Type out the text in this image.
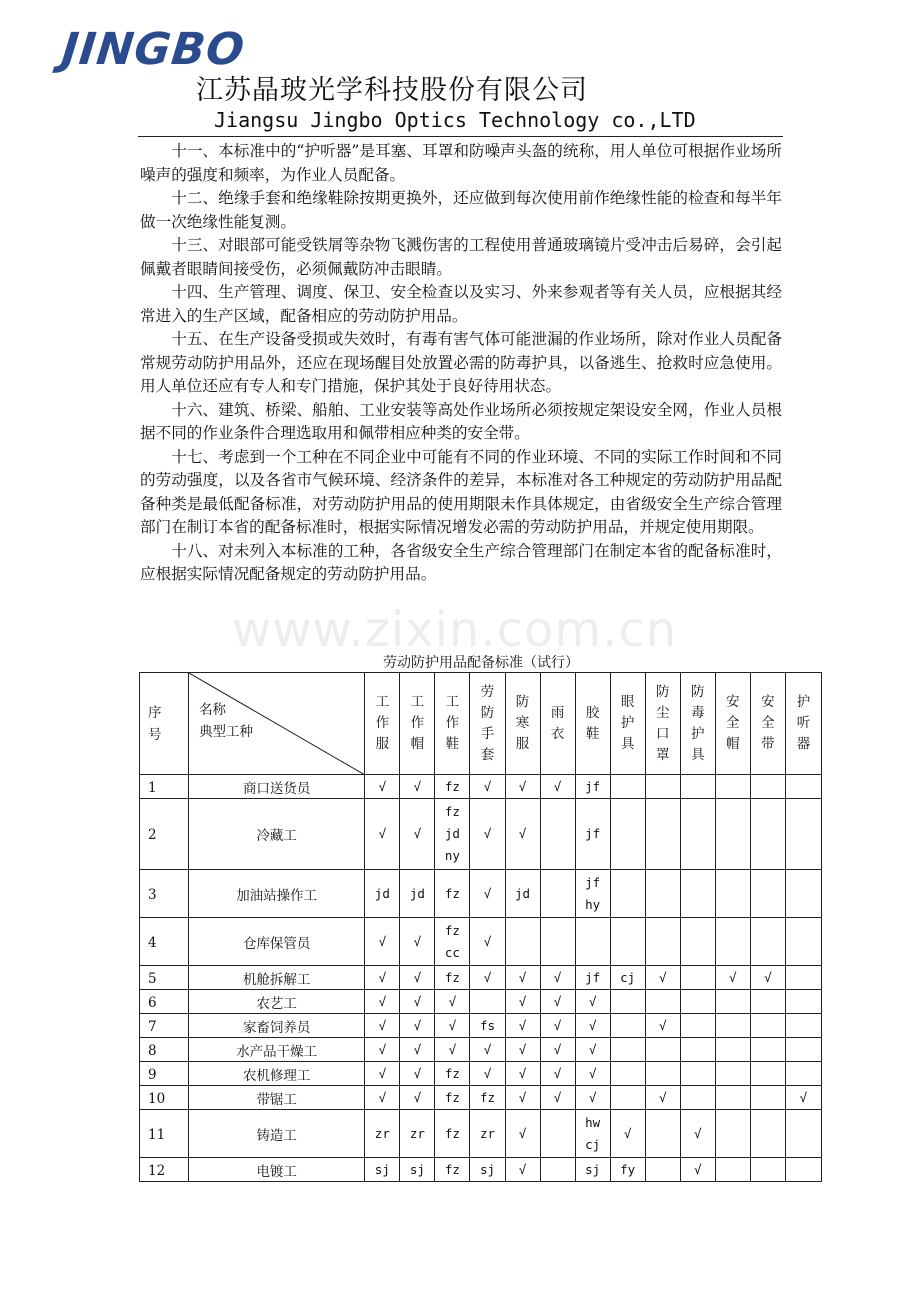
JINGBO
江苏晶玻光学科技股份有限公司
Jiangsu Jingbo Optics Technology co.,LTD

十一、本标准中的“护听器”是耳塞、耳罩和防噪声头盔的统称，用人单位可根据作业场所噪声的强度和频率，为作业人员配备。

十二、绝缘手套和绝缘鞋除按期更换外，还应做到每次使用前作绝缘性能的检查和每半年做一次绝缘性能复测。

十三、对眼部可能受铁屑等杂物飞溅伤害的工程使用普通玻璃镜片受冲击后易碎，会引起佩戴者眼睛间接受伤，必须佩戴防冲击眼睛。

十四、生产管理、调度、保卫、安全检查以及实习、外来参观者等有关人员，应根据其经常进入的生产区域，配备相应的劳动防护用品。

十五、在生产设备受损或失效时，有毒有害气体可能泄漏的作业场所，除对作业人员配备常规劳动防护用品外，还应在现场醒目处放置必需的防毒护具，以备逃生、抢救时应急使用。用人单位还应有专人和专门措施，保护其处于良好待用状态。

十六、建筑、桥梁、船舶、工业安装等高处作业场所必须按规定架设安全网，作业人员根据不同的作业条件合理选取用和佩带相应种类的安全带。

十七、考虑到一个工种在不同企业中可能有不同的作业环境、不同的实际工作时间和不同的劳动强度，以及各省市气候环境、经济条件的差异，本标准对各工种规定的劳动防护用品配备种类是最低配备标准，对劳动防护用品的使用期限未作具体规定，由省级安全生产综合管理部门在制订本省的配备标准时，根据实际情况增发必需的劳动防护用品，并规定使用期限。

十八、对未列入本标准的工种，各省级安全生产综合管理部门在制定本省的配备标准时，应根据实际情况配备规定的劳动防护用品。

www.zixin.com.cn
劳动防护用品配备标准（试行）
序号	名称
典型工种	工作服	工作帽	工作鞋	劳防手套	防寒服	雨衣	胶鞋	眼护具	防尘口罩	防毒护具	安全帽	安全带	护听器
1	商口送货员	√	√	fz	√	√	√	jf						

2	冷藏工	√	√	fz
jd
ny	√	√		jf						

3	加油站操作工	jd	jd	fz	√	jd		jf
hy						

4	仓库保管员	√	√	fz
cc	√									

5	机舱拆解工	√	√	fz	√	√	√	jf	cj	√		√	√	

6	农艺工	√	√	√		√	√	√						

7	家畜饲养员	√	√	√	fs	√	√	√		√				

8	水产品干燥工	√	√	√	√	√	√	√						

9	农机修理工	√	√	fz	√	√	√	√						

10	带锯工	√	√	fz	fz	√	√	√		√				√

11	铸造工	zr	zr	fz	zr	√		hw
cj	√		√			

12	电镀工	sj	sj	fz	sj	√		sj	fy		√			
